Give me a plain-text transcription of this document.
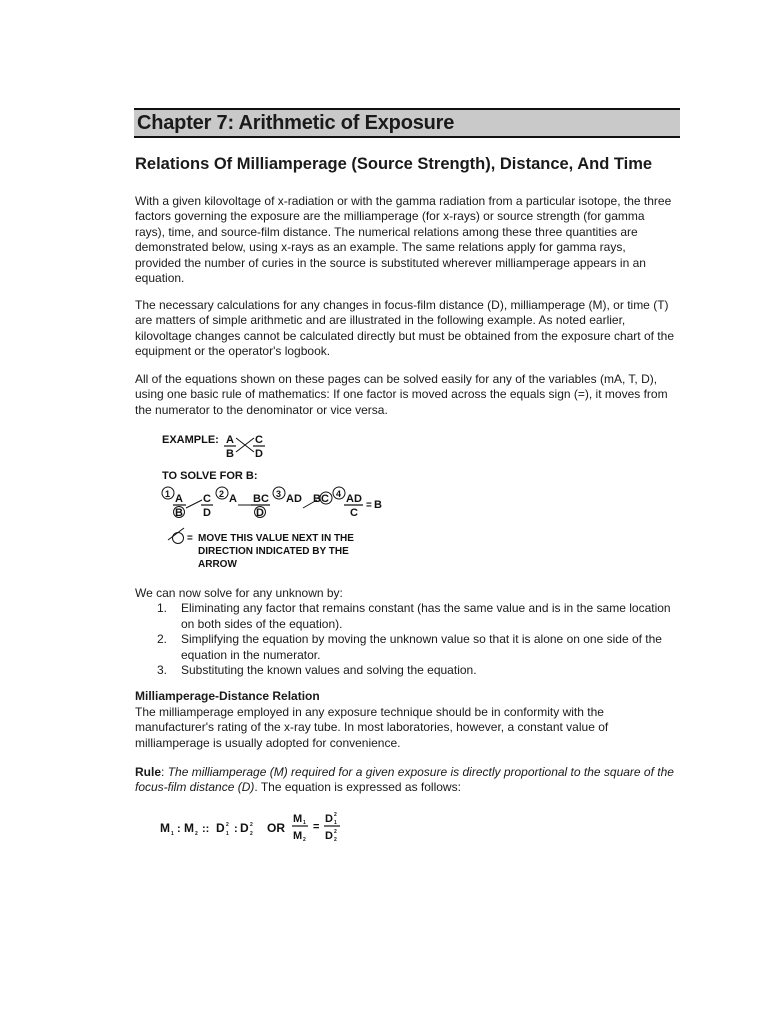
Chapter 7: Arithmetic of Exposure
Relations Of Milliamperage (Source Strength), Distance, And Time

With a given kilovoltage of x-radiation or with the gamma radiation from a particular isotope, the three factors governing the exposure are the milliamperage (for x-rays) or source strength (for gamma rays), time, and source-film distance. The numerical relations among these three quantities are demonstrated below, using x-rays as an example. The same relations apply for gamma rays, provided the number of curies in the source is substituted wherever milliamperage appears in an equation.

The necessary calculations for any changes in focus-film distance (D), milliamperage (M), or time (T) are matters of simple arithmetic and are illustrated in the following example. As noted earlier, kilovoltage changes cannot be calculated directly but must be obtained from the exposure chart of the equipment or the operator's logbook.

All of the equations shown on these pages can be solved easily for any of the variables (mA, T, D), using one basic rule of mathematics: If one factor is moved across the equals sign (=), it moves from the numerator to the denominator or vice versa.

EXAMPLE: A
B
C
D
TO SOLVE FOR B:
1 A
B
C
D
2 A BC
D
3 AD BC 4 AD
C
= B
= MOVE THIS VALUE NEXT IN THE
DIRECTION INDICATED BY THE
ARROW
We can now solve for any unknown by:
1. Eliminating any factor that remains constant (has the same value and is in the same location on both sides of the equation).
2. Simplifying the equation by moving the unknown value so that it is alone on one side of the equation in the numerator.
3. Substituting the known values and solving the equation.
Milliamperage-Distance Relation

The milliamperage employed in any exposure technique should be in conformity with the manufacturer's rating of the x-ray tube. In most laboratories, however, a constant value of milliamperage is usually adopted for convenience.

Rule: The milliamperage (M) required for a given exposure is directly proportional to the square of the focus-film distance (D). The equation is expressed as follows:
M 1 : M 2 :: D 1
2 : D 2
2 OR
M 1
M 2
=
D 1
2
D 2
2
